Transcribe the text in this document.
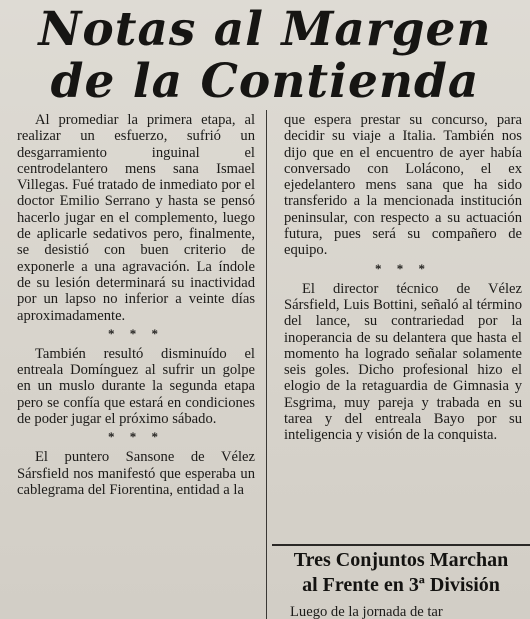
Notas al Margen
de la Contienda

Al promediar la primera etapa, al realizar un esfuerzo, sufrió un desgarramiento inguinal el centrodelantero mens sana Ismael Villegas. Fué tratado de inmediato por el doctor Emilio Serrano y hasta se pensó hacerlo jugar en el complemento, luego de aplicarle sedativos pero, finalmente, se desistió con buen criterio de exponerle a una agravación. La índole de su lesión determinará su inactividad por un lapso no inferior a veinte días aproximadamente.

* * *

También resultó disminuído el entreala Domínguez al sufrir un golpe en un muslo durante la segunda etapa pero se confía que estará en condiciones de poder jugar el próximo sábado.

* * *

El puntero Sansone de Vélez Sársfield nos manifestó que esperaba un cablegrama del Fiorentina, entidad a la

que espera prestar su concurso, para decidir su viaje a Italia. También nos dijo que en el encuentro de ayer había conversado con Lolácono, el ex ejedelantero mens sana que ha sido transferido a la mencionada institución peninsular, con respecto a su actuación futura, pues será su compañero de equipo.

* * *

El director técnico de Vélez Sársfield, Luis Bottini, señaló al término del lance, su contrariedad por la inoperancia de su delantera que hasta el momento ha logrado señalar solamente seis goles. Dicho profesional hizo el elogio de la retaguardia de Gimnasia y Esgrima, muy pareja y trabada en su tarea y del entreala Bayo por su inteligencia y visión de la conquista.

Tres Conjuntos Marchan
al Frente en 3ª División
Luego de la jornada de tar
